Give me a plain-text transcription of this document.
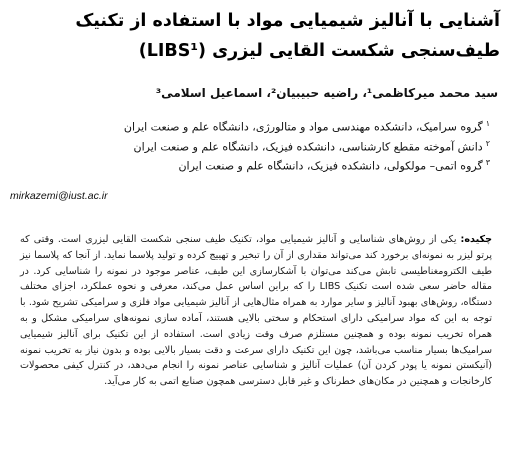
آشنایی با آنالیز شیمیایی مواد با استفاده از تکنیک
طیف‌سنجی شکست القایی لیزری (LIBS¹)
سید محمد میرکاظمی¹، راضیه حبیبیان²، اسماعیل اسلامی³
$^۱$گروه سرامیک، دانشکده مهندسی مواد و متالورژی، دانشگاه علم و صنعت ایران
$^۲$دانش آموخته مقطع کارشناسی، دانشکده فیزیک، دانشگاه علم و صنعت ایران
$^۳$گروه اتمی– مولکولی، دانشکده فیزیک، دانشگاه علم و صنعت ایران
mirkazemi@iust.ac.ir
چکیده: یکی از روش‌های شناسایی و آنالیز شیمیایی مواد، تکنیک طیف سنجی شکست القایی لیزری است. وقتی که پرتو لیزر به نمونه‌ای برخورد کند می‌تواند مقداری از آن را تبخیر و تهییج کرده و تولید پلاسما نماید. از آنجا که پلاسما نیز طیف الکترومغناطیسی تابش می‌کند می‌توان با آشکارسازی این طیف، عناصر موجود در نمونه را شناسایی کرد. در مقاله حاضر سعی شده است تکنیک LIBS را که براین اساس عمل می‌کند، معرفی و نحوه عملکرد، اجزای مختلف دستگاه، روش‌های بهبود آنالیز و سایر موارد به همراه مثال‌هایی از آنالیز شیمیایی مواد فلزی و سرامیکی تشریح شود. با توجه به این که مواد سرامیکی دارای استحکام و سختی بالایی هستند، آماده سازی نمونه‌های سرامیکی مشکل و به همراه تخریب نمونه بوده و همچنین مستلزم صرف وقت زیادی است. استفاده از این تکنیک برای آنالیز شیمیایی سرامیک‌ها بسیار مناسب می‌باشد، چون این تکنیک دارای سرعت و دقت بسیار بالایی بوده و بدون نیاز به تخریب نمونه (آنیکستن نمونه یا پودر کردن آن) عملیات آنالیز و شناسایی عناصر نمونه را انجام می‌دهد، در کنترل کیفی محصولات کارخانجات و همچنین در مکان‌های خطرناک و غیر قابل دسترسی همچون صنایع اتمی به کار می‌آید.
